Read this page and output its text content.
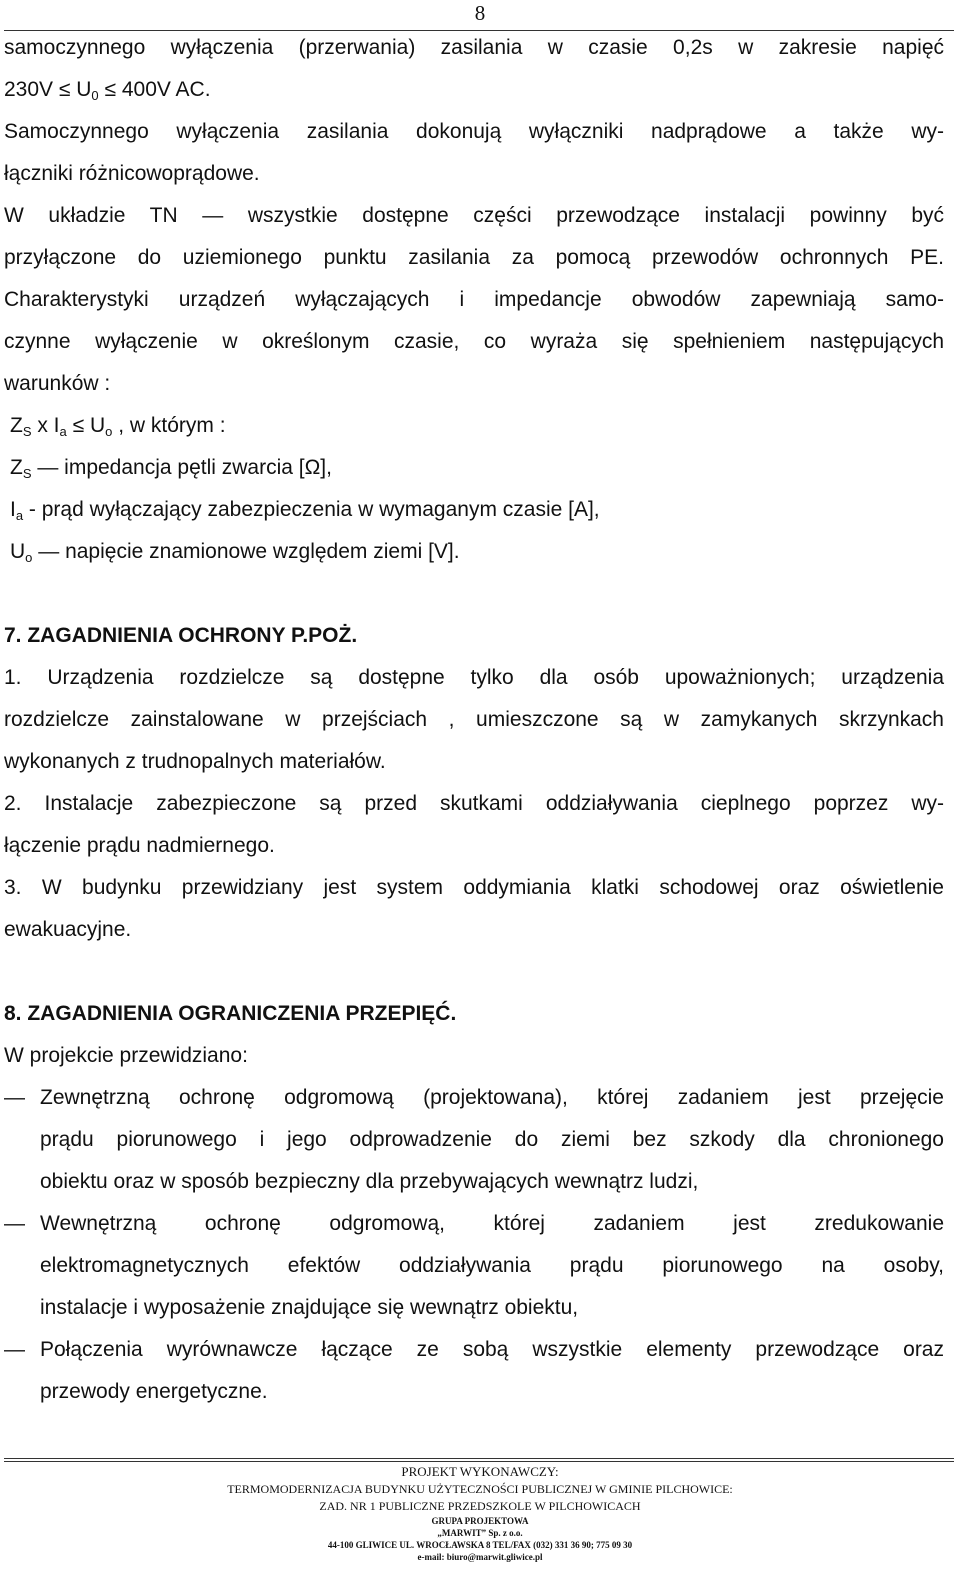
8
samoczynnego wyłączenia (przerwania) zasilania w czasie 0,2s w zakresie napięć
$230V \le U_0 \le 400V$ AC.
Samoczynnego wyłączenia zasilania dokonują wyłączniki nadprądowe a także wy-
łączniki różnicowoprądowe.
W układzie TN — wszystkie dostępne części przewodzące instalacji powinny być
przyłączone do uziemionego punktu zasilania za pomocą przewodów ochronnych PE.
Charakterystyki urządzeń wyłączających i impedancje obwodów zapewniają samo-
czynne wyłączenie w określonym czasie, co wyraża się spełnieniem następujących
warunków :
$Z_S$ x $I_a \le U_o$ , w którym :
$Z_S$ — impedancja pętli zwarcia [Ω],
$I_a$ - prąd wyłączający zabezpieczenia w wymaganym czasie [A],
$U_o$ — napięcie znamionowe względem ziemi [V].
7. ZAGADNIENIA OCHRONY P.POŻ.
1. Urządzenia rozdzielcze są dostępne tylko dla osób upoważnionych; urządzenia
rozdzielcze zainstalowane w przejściach , umieszczone są w zamykanych skrzynkach
wykonanych z trudnopalnych materiałów.
2. Instalacje zabezpieczone są przed skutkami oddziaływania cieplnego poprzez wy-
łączenie prądu nadmiernego.
3. W budynku przewidziany jest system oddymiania klatki schodowej oraz oświetlenie
ewakuacyjne.
8. ZAGADNIENIA OGRANICZENIA PRZEPIĘĆ.
W projekcie przewidziano:
— Zewnętrzną ochronę odgromową (projektowana), której zadaniem jest przejęcie
prądu piorunowego i jego odprowadzenie do ziemi bez szkody dla chronionego
obiektu oraz w sposób bezpieczny dla przebywających wewnątrz ludzi,
— Wewnętrzną ochronę odgromową, której zadaniem jest zredukowanie
elektromagnetycznych efektów oddziaływania prądu piorunowego na osoby,
instalacje i wyposażenie znajdujące się wewnątrz obiektu,
— Połączenia wyrównawcze łączące ze sobą wszystkie elementy przewodzące oraz
przewody energetyczne.
PROJEKT WYKONAWCZY:
TERMOMODERNIZACJA BUDYNKU UŻYTECZNOŚCI PUBLICZNEJ W GMINIE PILCHOWICE:
ZAD. NR 1 PUBLICZNE PRZEDSZKOLE W PILCHOWICACH
GRUPA PROJEKTOWA
„MARWIT” Sp. z o.o.
44-100 GLIWICE UL. WROCŁAWSKA 8 TEL/FAX (032) 331 36 90; 775 09 30
e-mail: biuro@marwit.gliwice.pl
